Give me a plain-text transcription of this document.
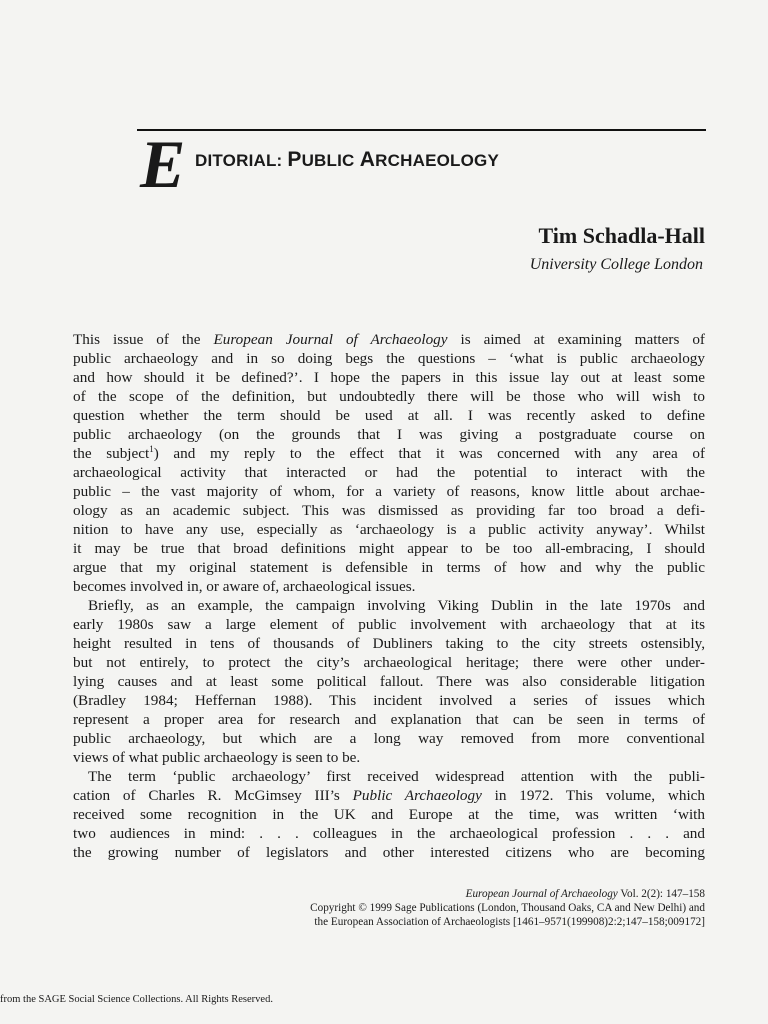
E DITORIAL: PUBLIC ARCHAEOLOGY
Tim Schadla-Hall
University College London
This issue of the European Journal of Archaeology is aimed at examining matters of
public archaeology and in so doing begs the questions – ‘what is public archaeology
and how should it be defined?’. I hope the papers in this issue lay out at least some
of the scope of the definition, but undoubtedly there will be those who will wish to
question whether the term should be used at all. I was recently asked to define
public archaeology (on the grounds that I was giving a postgraduate course on
the subject$^1$) and my reply to the effect that it was concerned with any area of
archaeological activity that interacted or had the potential to interact with the
public – the vast majority of whom, for a variety of reasons, know little about archae-
ology as an academic subject. This was dismissed as providing far too broad a defi-
nition to have any use, especially as ‘archaeology is a public activity anyway’. Whilst
it may be true that broad definitions might appear to be too all-embracing, I should
argue that my original statement is defensible in terms of how and why the public
becomes involved in, or aware of, archaeological issues.
Briefly, as an example, the campaign involving Viking Dublin in the late 1970s and
early 1980s saw a large element of public involvement with archaeology that at its
height resulted in tens of thousands of Dubliners taking to the city streets ostensibly,
but not entirely, to protect the city’s archaeological heritage; there were other under-
lying causes and at least some political fallout. There was also considerable litigation
(Bradley 1984; Heffernan 1988). This incident involved a series of issues which
represent a proper area for research and explanation that can be seen in terms of
public archaeology, but which are a long way removed from more conventional
views of what public archaeology is seen to be.
The term ‘public archaeology’ first received widespread attention with the publi-
cation of Charles R. McGimsey III’s Public Archaeology in 1972. This volume, which
received some recognition in the UK and Europe at the time, was written ‘with
two audiences in mind: . . . colleagues in the archaeological profession . . . and
the growing number of legislators and other interested citizens who are becoming
European Journal of Archaeology Vol. 2(2): 147–158
Copyright © 1999 Sage Publications (London, Thousand Oaks, CA and New Delhi) and
the European Association of Archaeologists [1461–9571(199908)2:2;147–158;009172]
from the SAGE Social Science Collections. All Rights Reserved.
